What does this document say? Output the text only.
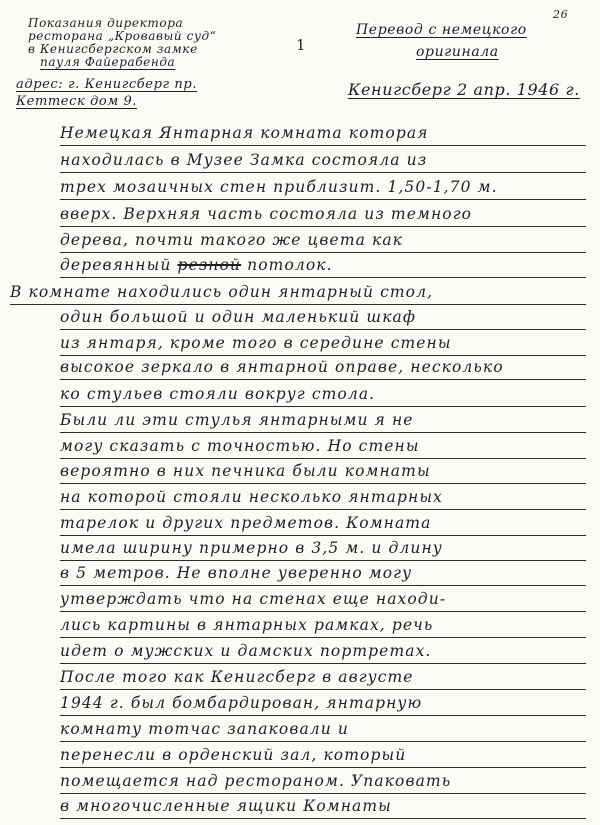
Показания директора
ресторана „Кровавый суд“
в Кенигсбергском замке
пауля Файерабенда
адрес: г. Кенигсберг пр.
Кеттеск дом 9.
1
Перевод с немецкого
оригинала
26
Кенигсберг 2 апр. 1946 г.
Немецкая Янтарная комната которая
находилась в Музее Замка состояла из
трех мозаичных стен приблизит. 1,50-1,70 м.
вверх. Верхняя часть состояла из темного
дерева, почти такого же цвета как
деревянный резной потолок.
В комнате находились один янтарный стол,
один большой и один маленький шкаф
из янтаря, кроме того в середине стены
высокое зеркало в янтарной оправе, несколько
ко стульев стояли вокруг стола.
Были ли эти стулья янтарными я не
могу сказать с точностью. Но стены
вероятно в них печника были комнаты
на которой стояли несколько янтарных
тарелок и других предметов. Комната
имела ширину примерно в 3,5 м. и длину
в 5 метров. Не вполне уверенно могу
утверждать что на стенах еще находи-
лись картины в янтарных рамках, речь
идет о мужских и дамских портретах.
После того как Кенигсберг в августе
1944 г. был бомбардирован, янтарную
комнату тотчас запаковали и
перенесли в орденский зал, который
помещается над рестораном. Упаковать
в многочисленные ящики Комнаты
